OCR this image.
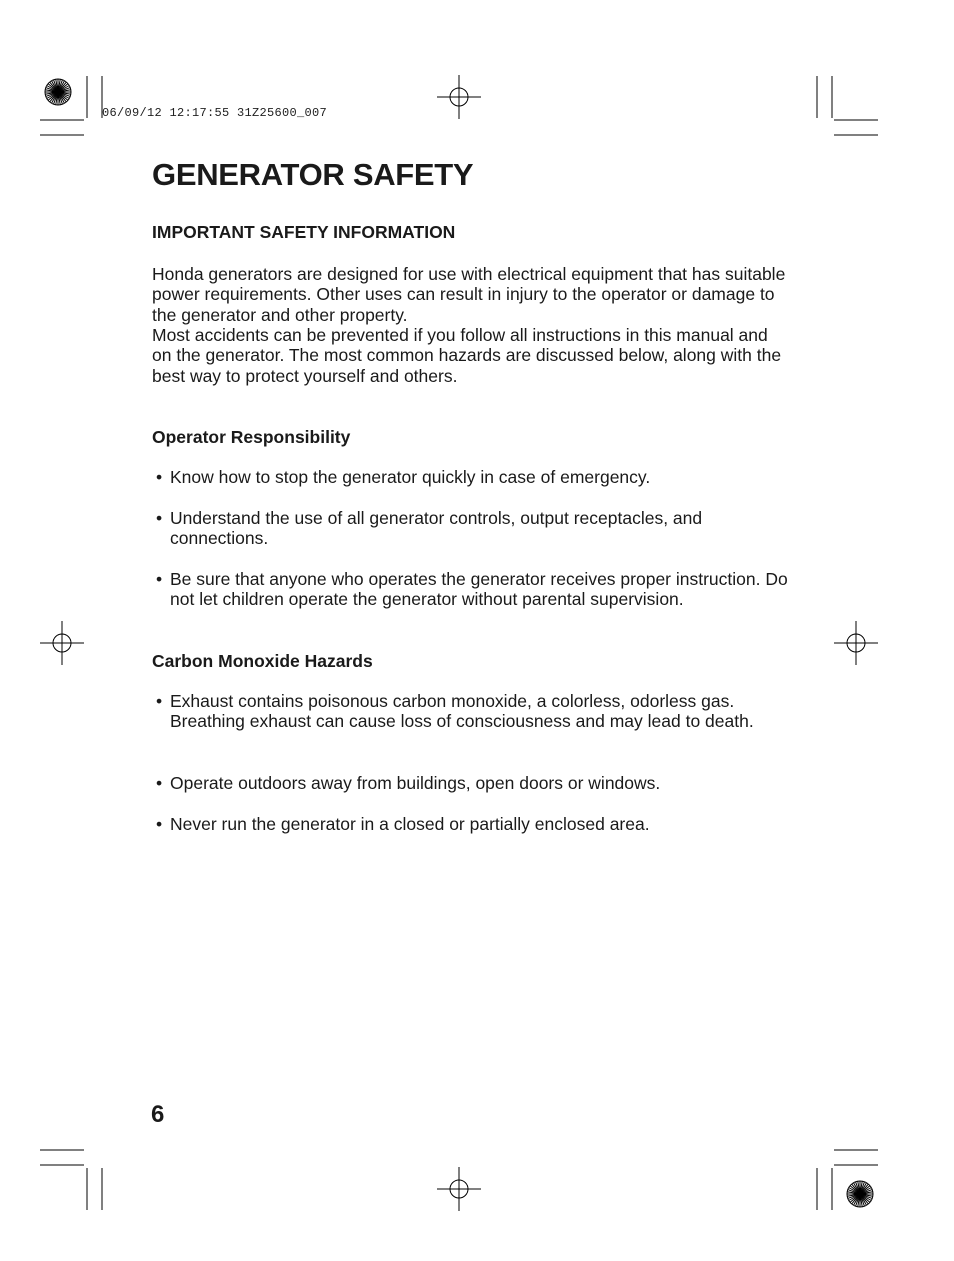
06/09/12 12:17:55 31Z25600_007
GENERATOR SAFETY

IMPORTANT SAFETY INFORMATION

Honda generators are designed for use with electrical equipment that has suitable power requirements. Other uses can result in injury to the operator or damage to the generator and other property.

Most accidents can be prevented if you follow all instructions in this manual and on the generator. The most common hazards are discussed below, along with the best way to protect yourself and others.

Operator Responsibility

• Know how to stop the generator quickly in case of emergency.

• Understand the use of all generator controls, output receptacles, and connections.

• Be sure that anyone who operates the generator receives proper instruction. Do not let children operate the generator without parental supervision.

Carbon Monoxide Hazards

• Exhaust contains poisonous carbon monoxide, a colorless, odorless gas. Breathing exhaust can cause loss of consciousness and may lead to death.

• Operate outdoors away from buildings, open doors or windows.

• Never run the generator in a closed or partially enclosed area.

6
